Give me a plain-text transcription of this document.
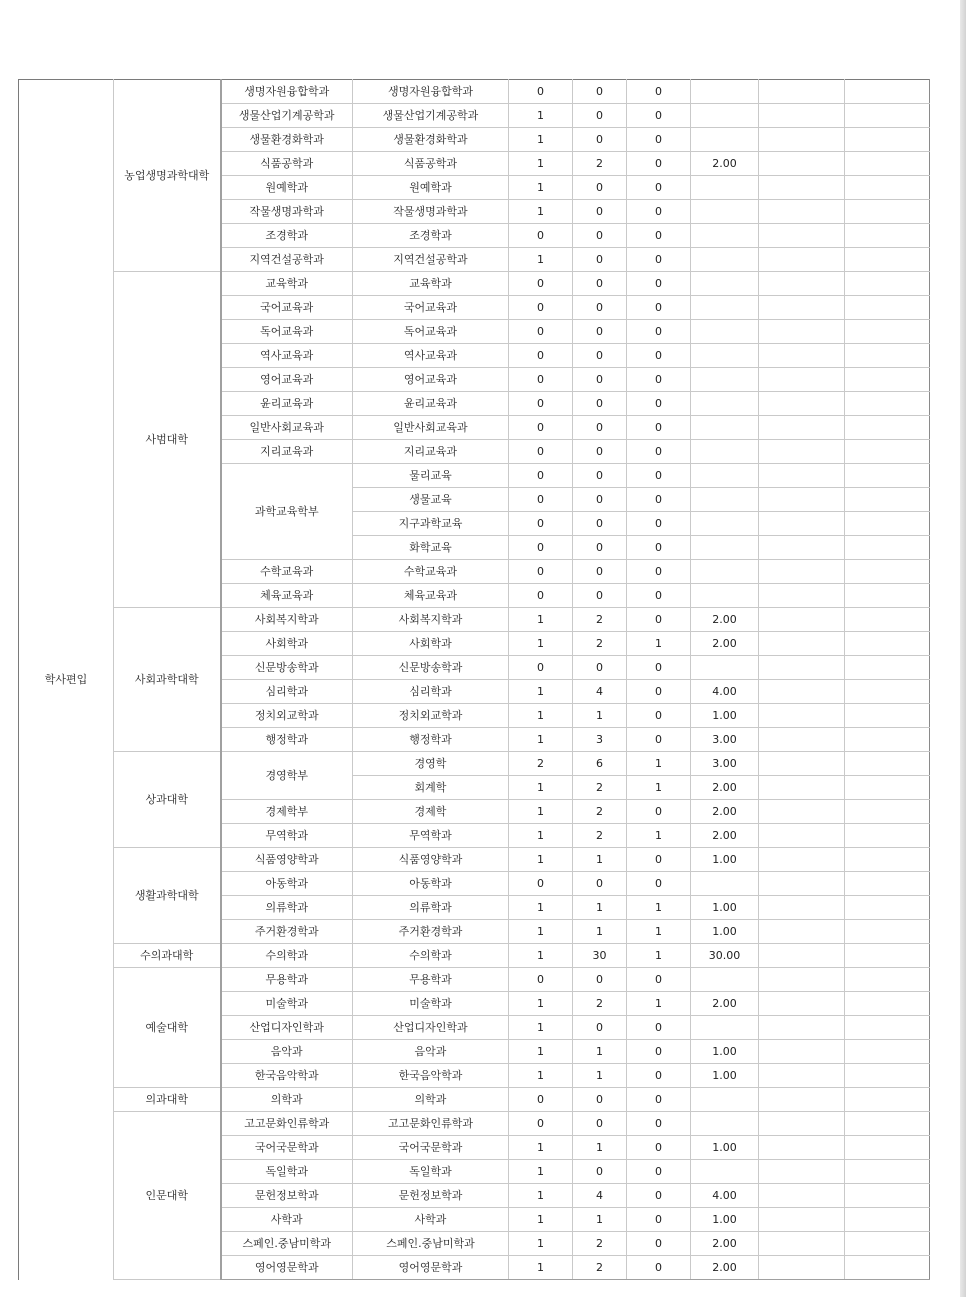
학사편입	농업생명과학대학	생명자원융합학과	생명자원융합학과	0	0	0			
		생물산업기계공학과	생물산업기계공학과	1	0	0			
		생물환경화학과	생물환경화학과	1	0	0			
		식품공학과	식품공학과	1	2	0	2.00		
		원예학과	원예학과	1	0	0			
		작물생명과학과	작물생명과학과	1	0	0			
		조경학과	조경학과	0	0	0			
		지역건설공학과	지역건설공학과	1	0	0			
	사범대학	교육학과	교육학과	0	0	0			
		국어교육과	국어교육과	0	0	0			
		독어교육과	독어교육과	0	0	0			
		역사교육과	역사교육과	0	0	0			
		영어교육과	영어교육과	0	0	0			
		윤리교육과	윤리교육과	0	0	0			
		일반사회교육과	일반사회교육과	0	0	0			
		지리교육과	지리교육과	0	0	0			
		과학교육학부	물리교육	0	0	0			
			생물교육	0	0	0			
			지구과학교육	0	0	0			
			화학교육	0	0	0			
		수학교육과	수학교육과	0	0	0			
		체육교육과	체육교육과	0	0	0			
	사회과학대학	사회복지학과	사회복지학과	1	2	0	2.00		
		사회학과	사회학과	1	2	1	2.00		
		신문방송학과	신문방송학과	0	0	0			
		심리학과	심리학과	1	4	0	4.00		
		정치외교학과	정치외교학과	1	1	0	1.00		
		행정학과	행정학과	1	3	0	3.00		
	상과대학	경영학부	경영학	2	6	1	3.00		
			회계학	1	2	1	2.00		
		경제학부	경제학	1	2	0	2.00		
		무역학과	무역학과	1	2	1	2.00		
	생활과학대학	식품영양학과	식품영양학과	1	1	0	1.00		
		아동학과	아동학과	0	0	0			
		의류학과	의류학과	1	1	1	1.00		
		주거환경학과	주거환경학과	1	1	1	1.00		
	수의과대학	수의학과	수의학과	1	30	1	30.00		
	예술대학	무용학과	무용학과	0	0	0			
		미술학과	미술학과	1	2	1	2.00		
		산업디자인학과	산업디자인학과	1	0	0			
		음악과	음악과	1	1	0	1.00		
		한국음악학과	한국음악학과	1	1	0	1.00		
	의과대학	의학과	의학과	0	0	0			
	인문대학	고고문화인류학과	고고문화인류학과	0	0	0			
		국어국문학과	국어국문학과	1	1	0	1.00		
		독일학과	독일학과	1	0	0			
		문헌정보학과	문헌정보학과	1	4	0	4.00		
		사학과	사학과	1	1	0	1.00		
		스페인.중남미학과	스페인.중남미학과	1	2	0	2.00		
		영어영문학과	영어영문학과	1	2	0	2.00		
